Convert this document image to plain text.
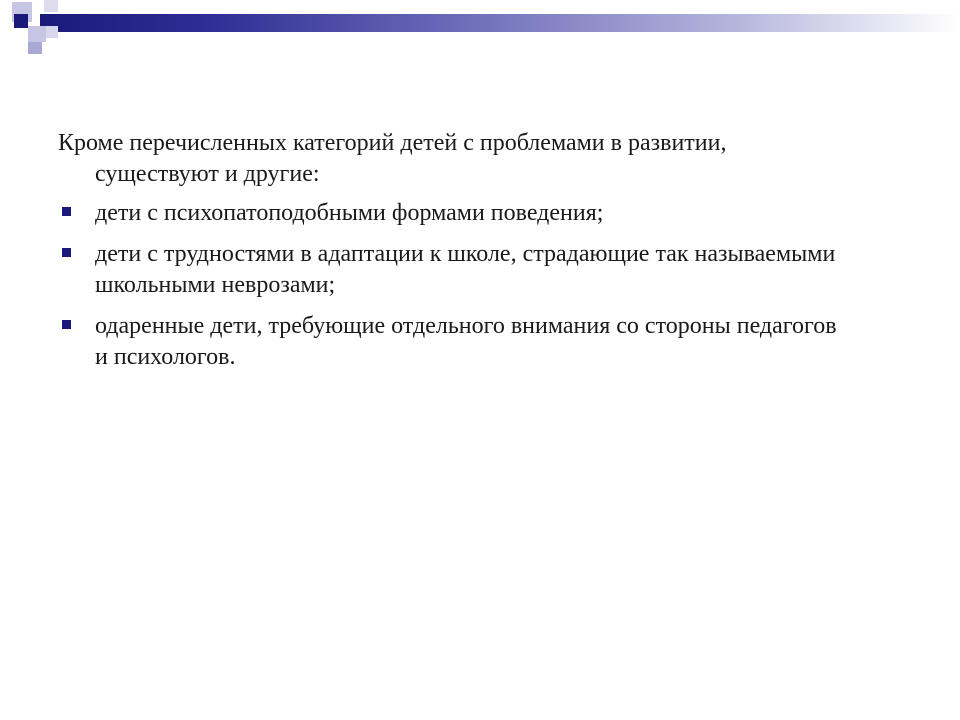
Кроме перечисленных категорий детей с проблемами в развитии, существуют и другие:

дети с психопатоподобными формами поведения;
дети с трудностями в адаптации к школе, страдающие так называемыми школьными неврозами;
одаренные дети, требующие отдельного внимания со стороны педагогов и психологов.
